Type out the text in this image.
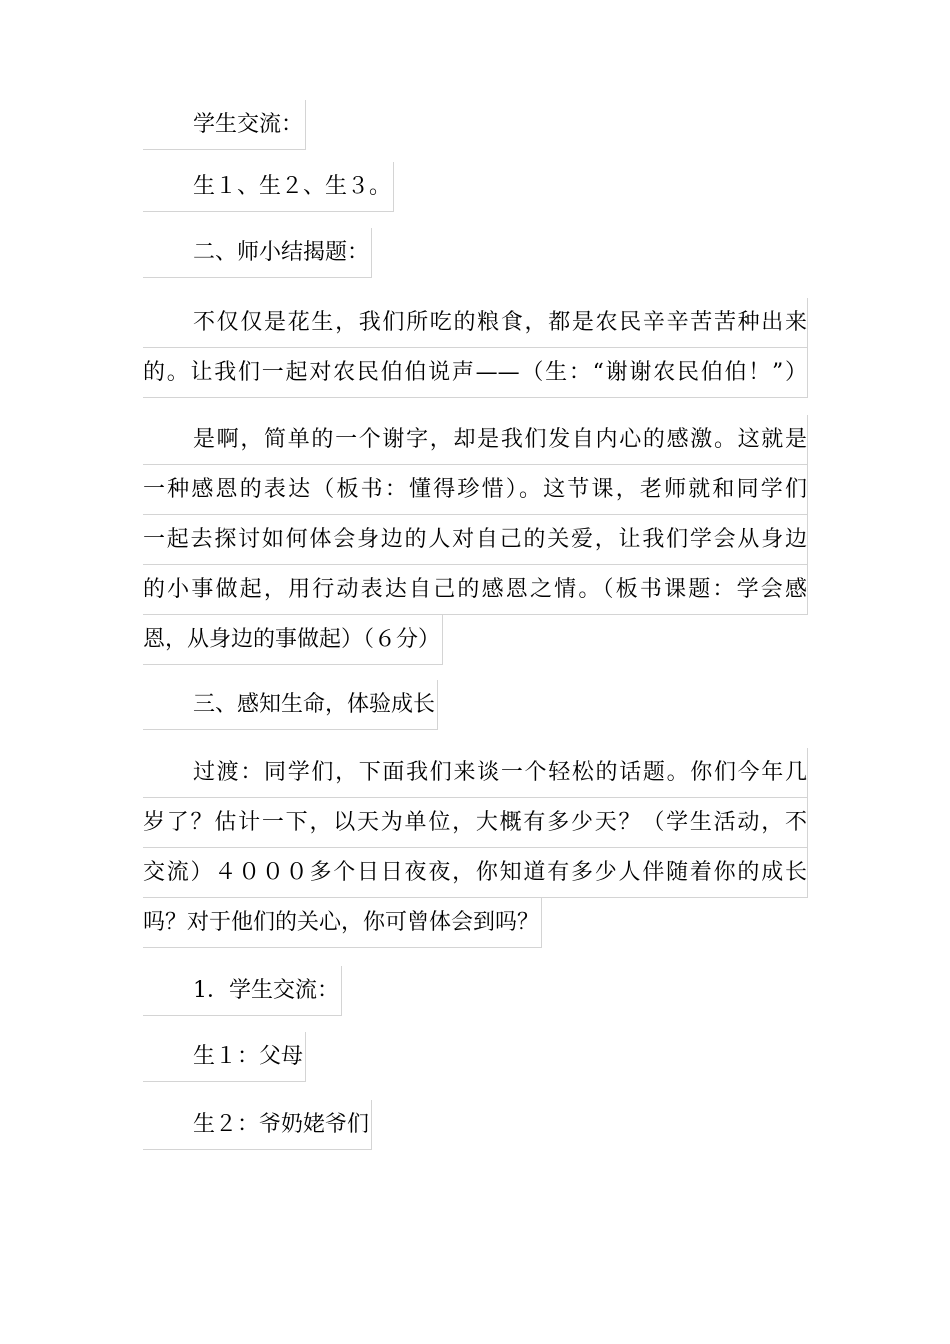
学生交流：
生１、生２、生３。
二、师小结揭题：
不仅仅是花生，我们所吃的粮食，都是农民辛辛苦苦种出来
的。让我们一起对农民伯伯说声——（生：“谢谢农民伯伯！”）
是啊，简单的一个谢字，却是我们发自内心的感激。这就是
一种感恩的表达（板书：懂得珍惜）。这节课，老师就和同学们
一起去探讨如何体会身边的人对自己的关爱，让我们学会从身边
的小事做起，用行动表达自己的感恩之情。（板书课题：学会感
恩，从身边的事做起）（６分）
三、感知生命，体验成长
过渡：同学们，下面我们来谈一个轻松的话题。你们今年几
岁了？估计一下，以天为单位，大概有多少天？（学生活动，不
交流）４０００多个日日夜夜，你知道有多少人伴随着你的成长
吗？对于他们的关心，你可曾体会到吗？
1．学生交流：
生１：父母
生２：爷奶姥爷们
